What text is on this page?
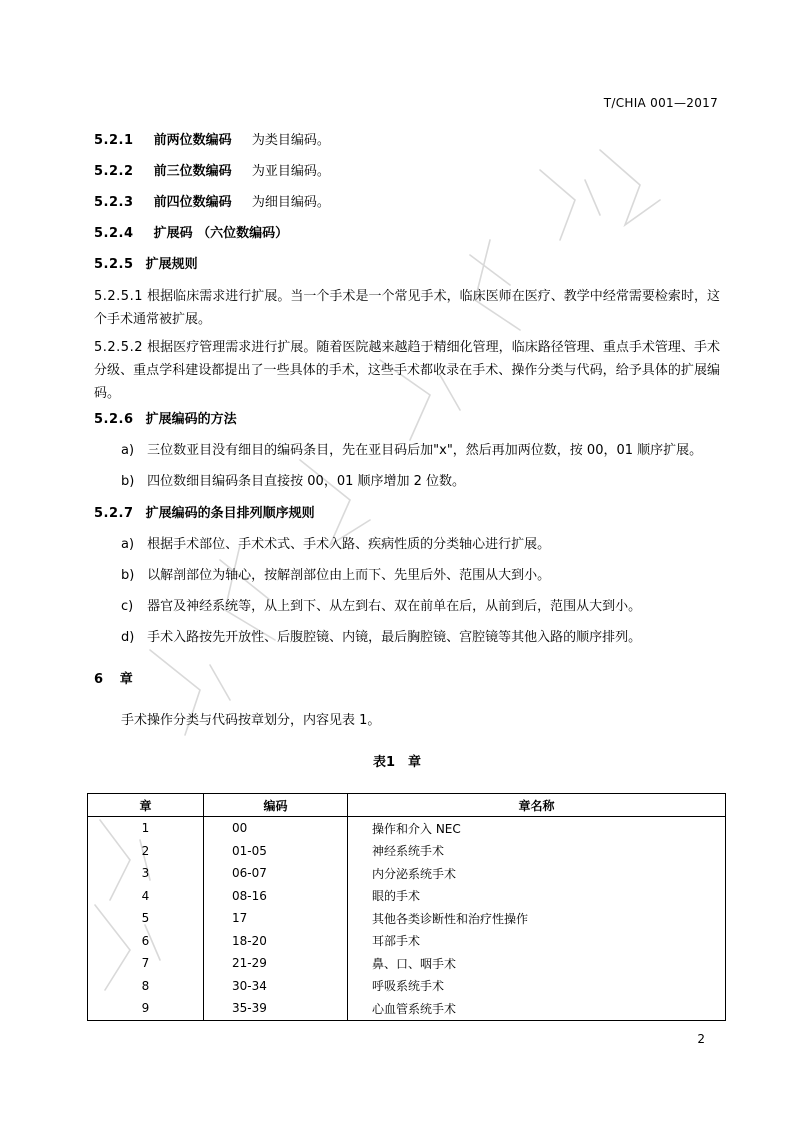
T/CHIA 001—2017
5.2.1 前两位数编码 为类目编码。
5.2.2 前三位数编码 为亚目编码。
5.2.3 前四位数编码 为细目编码。
5.2.4 扩展码 （六位数编码）
5.2.5 扩展规则
5.2.5.1 根据临床需求进行扩展。当一个手术是一个常见手术，临床医师在医疗、教学中经常需要检索时，这个手术通常被扩展。
5.2.5.2 根据医疗管理需求进行扩展。随着医院越来越趋于精细化管理，临床路径管理、重点手术管理、手术分级、重点学科建设都提出了一些具体的手术，这些手术都收录在手术、操作分类与代码，给予具体的扩展编码。
5.2.6 扩展编码的方法
a) 三位数亚目没有细目的编码条目，先在亚目码后加"x"，然后再加两位数，按 00，01 顺序扩展。
b) 四位数细目编码条目直接按 00，01 顺序增加 2 位数。
5.2.7 扩展编码的条目排列顺序规则
a) 根据手术部位、手术术式、手术入路、疾病性质的分类轴心进行扩展。
b) 以解剖部位为轴心，按解剖部位由上而下、先里后外、范围从大到小。
c) 器官及神经系统等，从上到下、从左到右、双在前单在后，从前到后，范围从大到小。
d) 手术入路按先开放性、后腹腔镜、内镜，最后胸腔镜、宫腔镜等其他入路的顺序排列。
6 章
手术操作分类与代码按章划分，内容见表 1。
表1　章
章	编码	章名称
1	00	操作和介入 NEC
2	01-05	神经系统手术
3	06-07	内分泌系统手术
4	08-16	眼的手术
5	17	其他各类诊断性和治疗性操作
6	18-20	耳部手术
7	21-29	鼻、口、咽手术
8	30-34	呼吸系统手术
9	35-39	心血管系统手术
2
